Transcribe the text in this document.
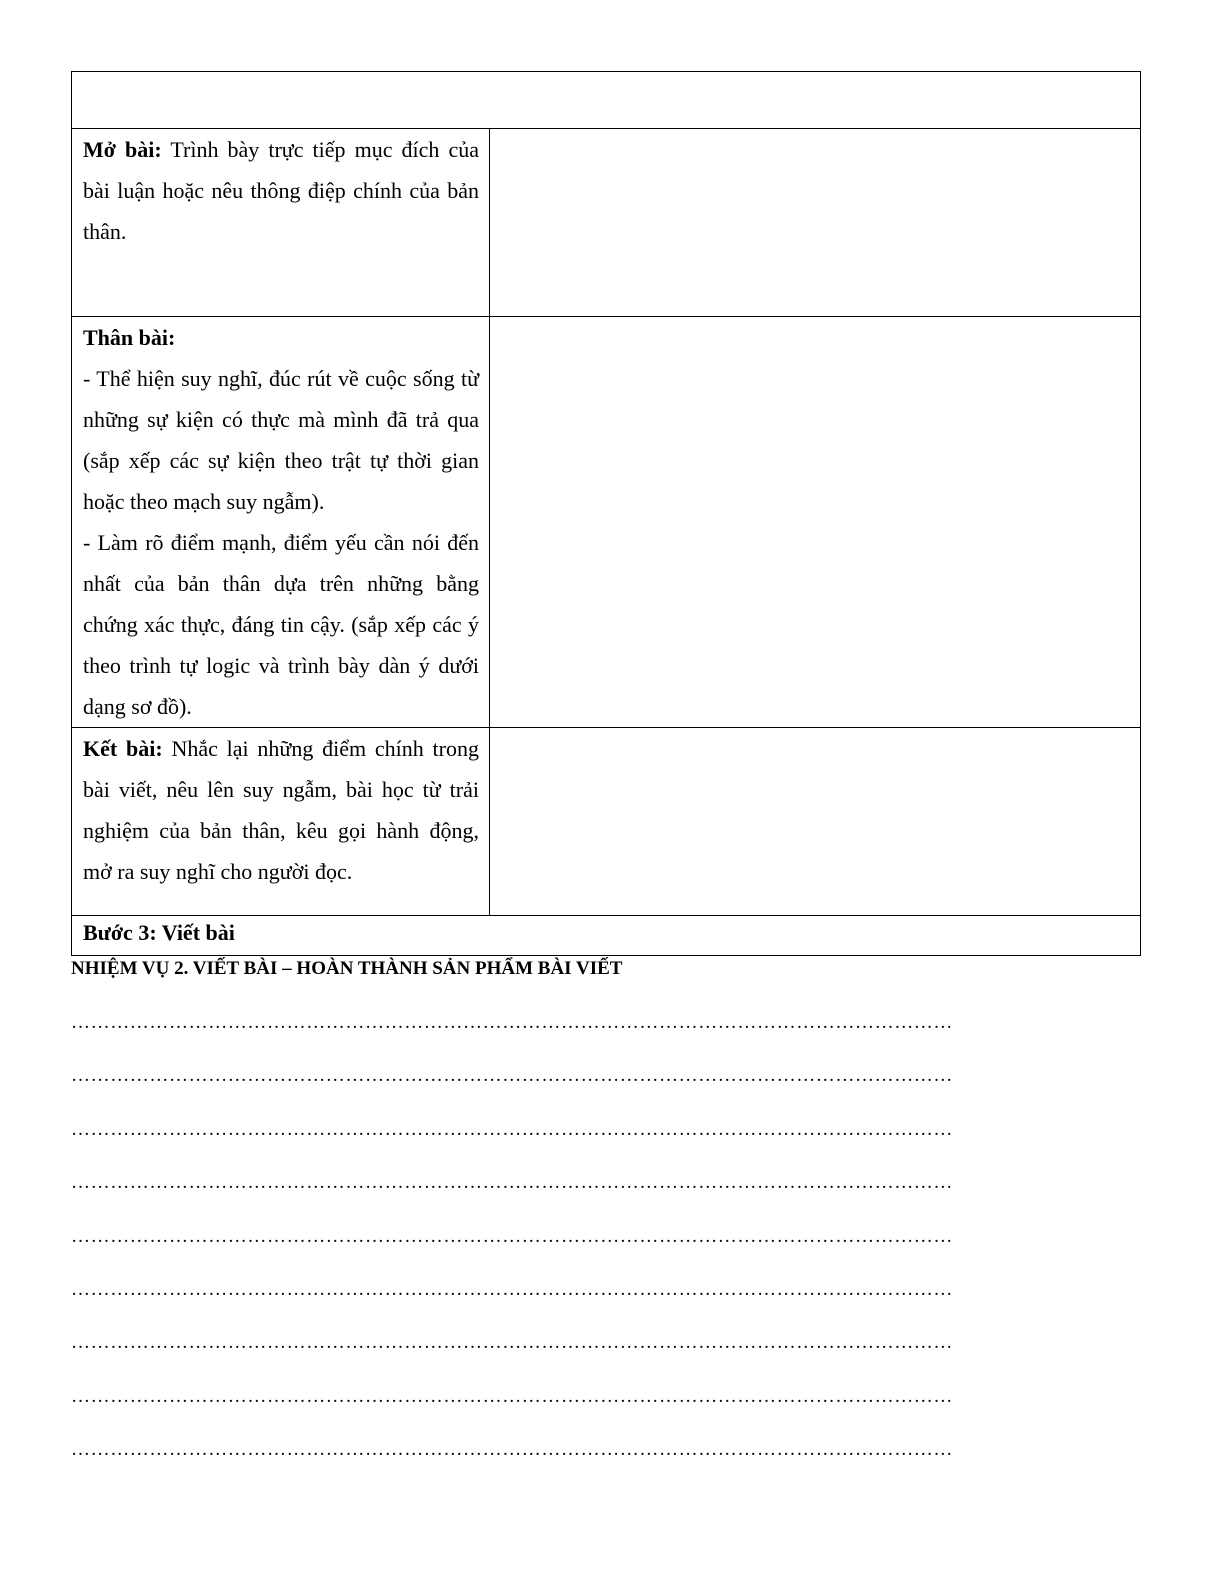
Mở bài: Trình bày trực tiếp mục đích của bài luận hoặc nêu thông điệp chính của bản thân.	

Thân bài:

- Thể hiện suy nghĩ, đúc rút về cuộc sống từ những sự kiện có thực mà mình đã trả qua (sắp xếp các sự kiện theo trật tự thời gian hoặc theo mạch suy ngẫm).

- Làm rõ điểm mạnh, điểm yếu cần nói đến nhất của bản thân dựa trên những bằng chứng xác thực, đáng tin cậy. (sắp xếp các ý theo trình tự logic và trình bày dàn ý dưới dạng sơ đồ).	

Kết bài: Nhắc lại những điểm chính trong bài viết, nêu lên suy ngẫm, bài học từ trải nghiệm của bản thân, kêu gọi hành động, mở ra suy nghĩ cho người đọc.	

Bước 3: Viết bài	
NHIỆM VỤ 2. VIẾT BÀI – HOÀN THÀNH SẢN PHẨM BÀI VIẾT
………………………………………………………………………………………………………………………
………………………………………………………………………………………………………………………
………………………………………………………………………………………………………………………
………………………………………………………………………………………………………………………
………………………………………………………………………………………………………………………
………………………………………………………………………………………………………………………
………………………………………………………………………………………………………………………
………………………………………………………………………………………………………………………
………………………………………………………………………………………………………………………
